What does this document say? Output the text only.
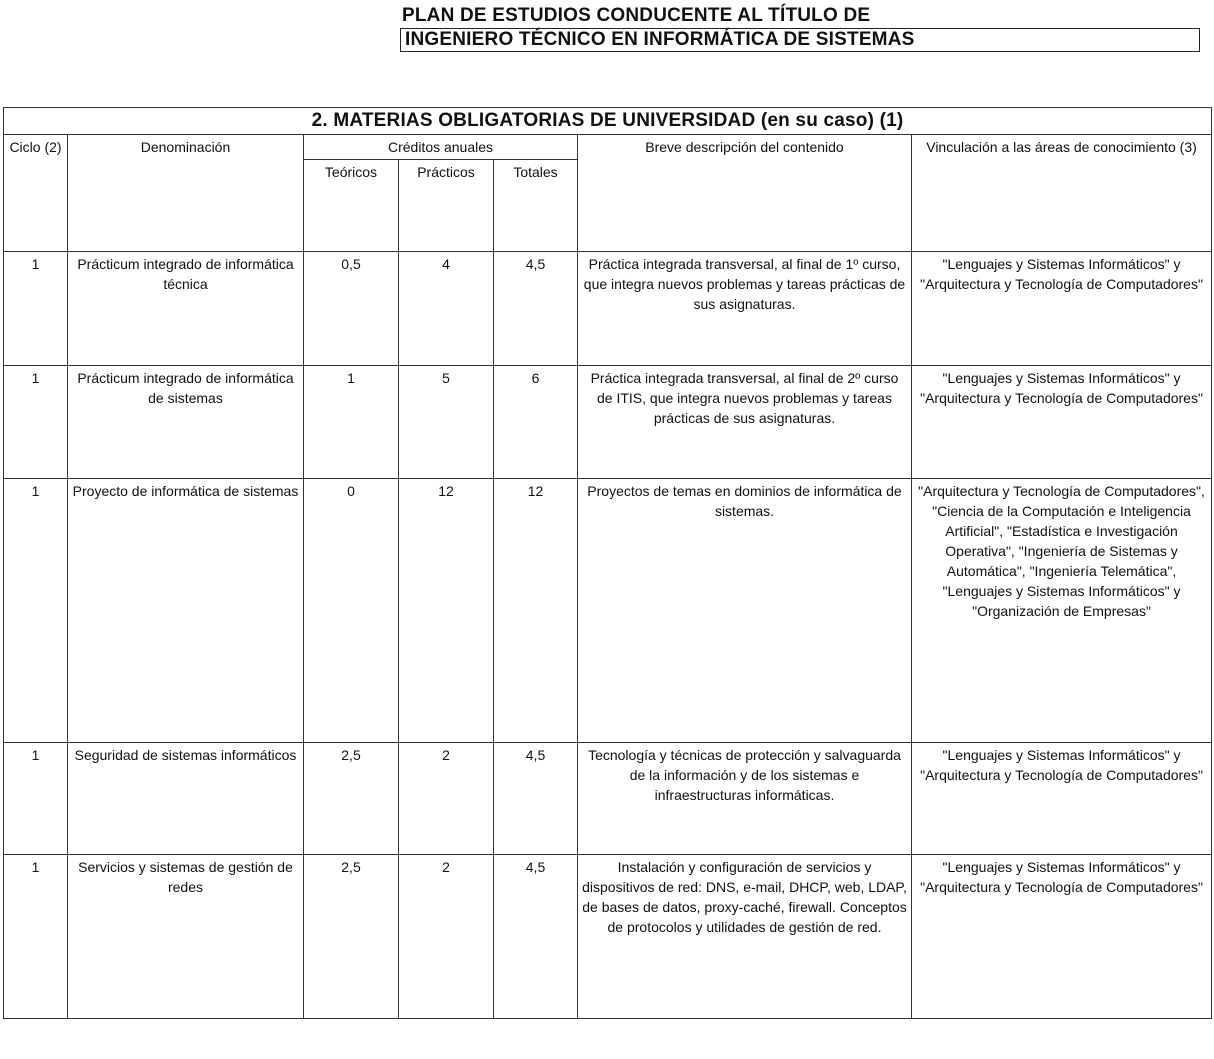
PLAN DE ESTUDIOS CONDUCENTE AL TÍTULO DE
INGENIERO TÉCNICO EN INFORMÁTICA DE SISTEMAS
2. MATERIAS OBLIGATORIAS DE UNIVERSIDAD (en su caso) (1)						
Ciclo (2)	Denominación	Créditos anuales			Breve descripción del contenido	Vinculación a las áreas de conocimiento (3)
		Teóricos	Prácticos	Totales		
1	Prácticum integrado de informática técnica	0,5	4	4,5	Práctica integrada transversal, al final de 1º curso, que integra nuevos problemas y tareas prácticas de sus asignaturas.	"Lenguajes y Sistemas Informáticos" y "Arquitectura y Tecnología de Computadores"
1	Prácticum integrado de informática de sistemas	1	5	6	Práctica integrada transversal, al final de 2º curso de ITIS, que integra nuevos problemas y tareas prácticas de sus asignaturas.	"Lenguajes y Sistemas Informáticos" y "Arquitectura y Tecnología de Computadores"
1	Proyecto de informática de sistemas	0	12	12	Proyectos de temas en dominios de informática de sistemas.	"Arquitectura y Tecnología de Computadores", "Ciencia de la Computación e Inteligencia Artificial", "Estadística e Investigación Operativa", "Ingeniería de Sistemas y Automática", "Ingeniería Telemática", "Lenguajes y Sistemas Informáticos" y "Organización de Empresas"
1	Seguridad de sistemas informáticos	2,5	2	4,5	Tecnología y técnicas de protección y salvaguarda de la información y de los sistemas e infraestructuras informáticas.	"Lenguajes y Sistemas Informáticos" y "Arquitectura y Tecnología de Computadores"
1	Servicios y sistemas de gestión de redes	2,5	2	4,5	Instalación y configuración de servicios y dispositivos de red: DNS, e-mail, DHCP, web, LDAP, de bases de datos, proxy-caché, firewall. Conceptos de protocolos y utilidades de gestión de red.	"Lenguajes y Sistemas Informáticos" y "Arquitectura y Tecnología de Computadores"
